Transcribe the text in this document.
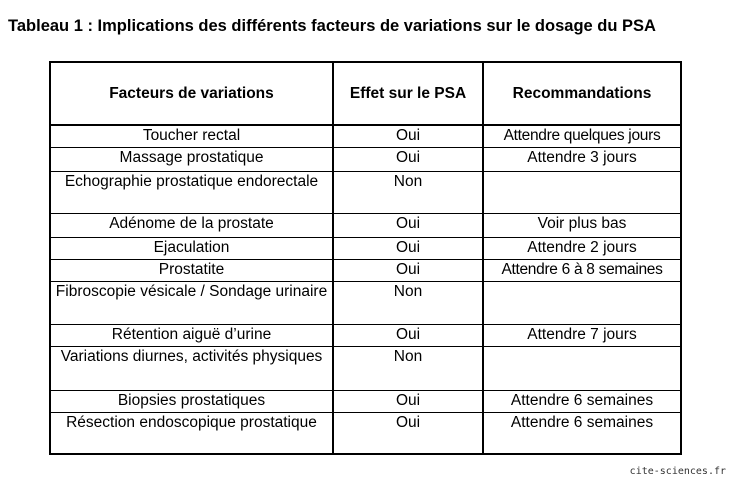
Tableau 1 : Implications des différents facteurs de variations sur le dosage du PSA
Facteurs de variations	Effet sur le PSA	Recommandations
Toucher rectal	Oui	Attendre quelques jours
Massage prostatique	Oui	Attendre 3 jours
Echographie prostatique endorectale	Non	
Adénome de la prostate	Oui	Voir plus bas
Ejaculation	Oui	Attendre 2 jours
Prostatite	Oui	Attendre 6 à 8 semaines
Fibroscopie vésicale / Sondage urinaire	Non	
Rétention aiguë d’urine	Oui	Attendre 7 jours
Variations diurnes, activités physiques	Non	
Biopsies prostatiques	Oui	Attendre 6 semaines
Résection endoscopique prostatique	Oui	Attendre 6 semaines
cite-sciences.fr
